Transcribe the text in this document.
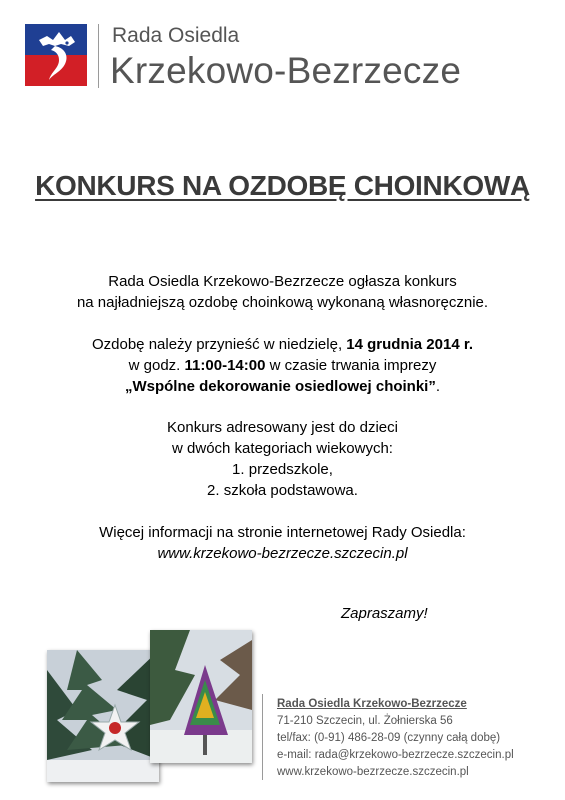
Rada Osiedla
Krzekowo-Bezrzecze
KONKURS NA OZDOBĘ CHOINKOWĄ

Rada Osiedla Krzekowo-Bezrzecze ogłasza konkurs

na najładniejszą ozdobę choinkową wykonaną własnoręcznie.

Ozdobę należy przynieść w niedzielę, 14 grudnia 2014 r.

w godz. 11:00-14:00 w czasie trwania imprezy

„Wspólne dekorowanie osiedlowej choinki”.

Konkurs adresowany jest do dzieci

w dwóch kategoriach wiekowych:

1. przedszkole,

2. szkoła podstawowa.

Więcej informacji na stronie internetowej Rady Osiedla:

www.krzekowo-bezrzecze.szczecin.pl

Zapraszamy!
Rada Osiedla Krzekowo-Bezrzecze
71-210 Szczecin, ul. Żołnierska 56
tel/fax: (0-91) 486-28-09 (czynny całą dobę)
e-mail: rada@krzekowo-bezrzecze.szczecin.pl
www.krzekowo-bezrzecze.szczecin.pl
